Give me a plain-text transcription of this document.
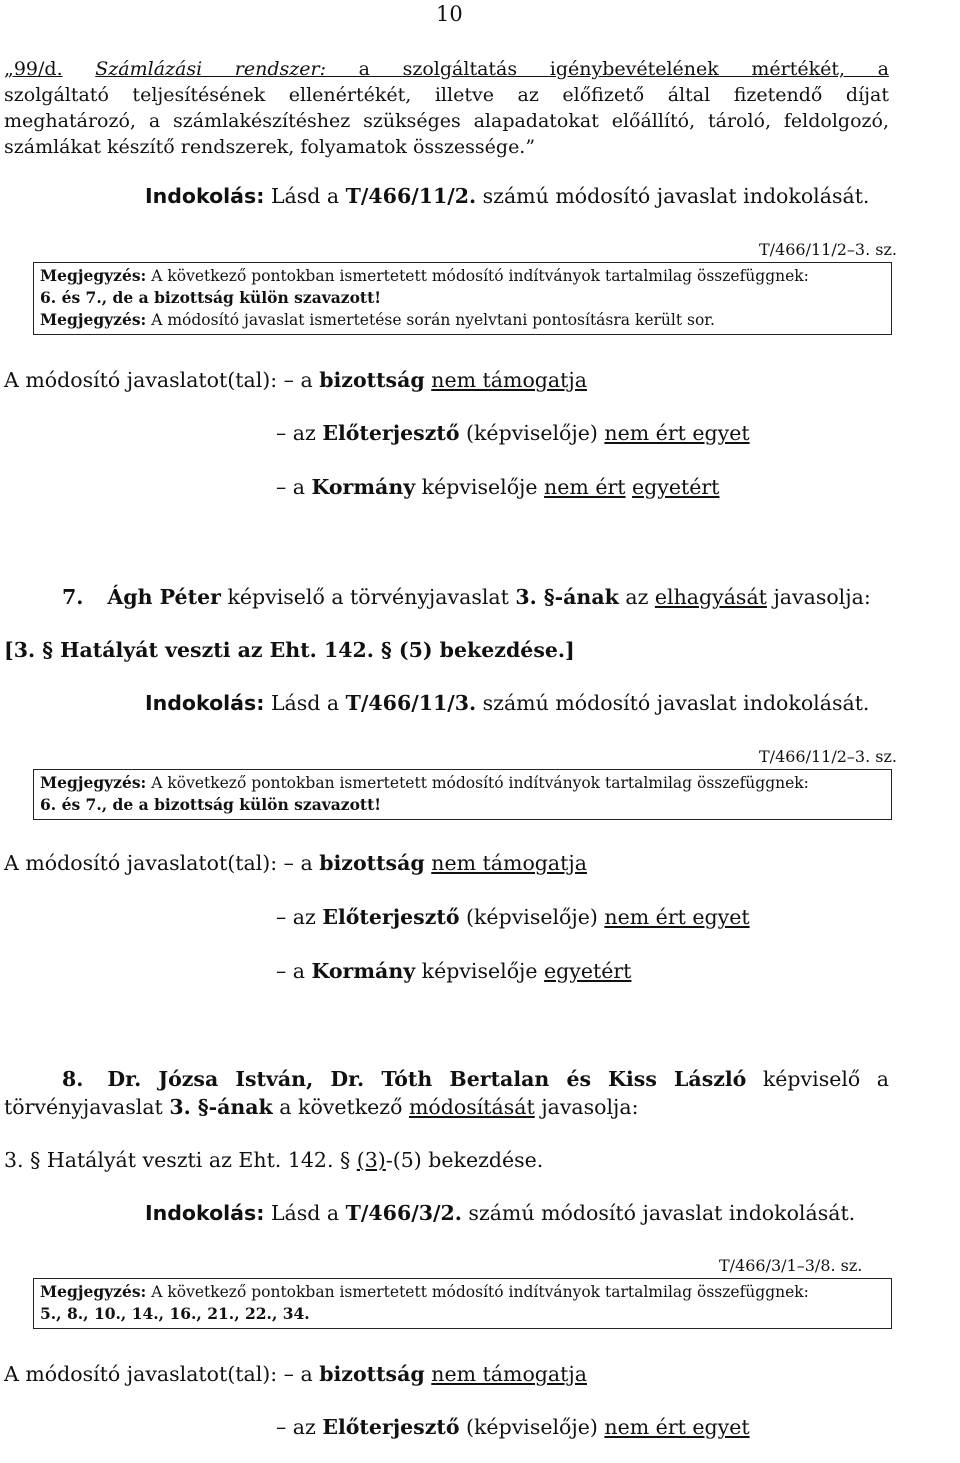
10
„99/d. Számlázási rendszer: a szolgáltatás igénybevételének mértékét, a
szolgáltató teljesítésének ellenértékét, illetve az előfizető által fizetendő díjat
meghatározó, a számlakészítéshez szükséges alapadatokat előállító, tároló, feldolgozó,
számlákat készítő rendszerek, folyamatok összessége.”
Indokolás: Lásd a T/466/11/2. számú módosító javaslat indokolását.
T/466/11/2–3. sz.
Megjegyzés: A következő pontokban ismertetett módosító indítványok tartalmilag összefüggnek:
6. és 7., de a bizottság külön szavazott!
Megjegyzés: A módosító javaslat ismertetése során nyelvtani pontosításra került sor.
A módosító javaslatot(tal): – a bizottság nem támogatja
– az Előterjesztő (képviselője) nem ért egyet
– a Kormány képviselője nem ért egyetért
7. Ágh Péter képviselő a törvényjavaslat 3. §-ának az elhagyását javasolja:
[3. § Hatályát veszti az Eht. 142. § (5) bekezdése.]
Indokolás: Lásd a T/466/11/3. számú módosító javaslat indokolását.
T/466/11/2–3. sz.
Megjegyzés: A következő pontokban ismertetett módosító indítványok tartalmilag összefüggnek:
6. és 7., de a bizottság külön szavazott!
A módosító javaslatot(tal): – a bizottság nem támogatja
– az Előterjesztő (képviselője) nem ért egyet
– a Kormány képviselője egyetért
8. Dr. Józsa István, Dr. Tóth Bertalan és Kiss László képviselő a
törvényjavaslat 3. §-ának a következő módosítását javasolja:
3. § Hatályát veszti az Eht. 142. § (3)-(5) bekezdése.
Indokolás: Lásd a T/466/3/2. számú módosító javaslat indokolását.
T/466/3/1–3/8. sz.
Megjegyzés: A következő pontokban ismertetett módosító indítványok tartalmilag összefüggnek:
5., 8., 10., 14., 16., 21., 22., 34.
A módosító javaslatot(tal): – a bizottság nem támogatja
– az Előterjesztő (képviselője) nem ért egyet
